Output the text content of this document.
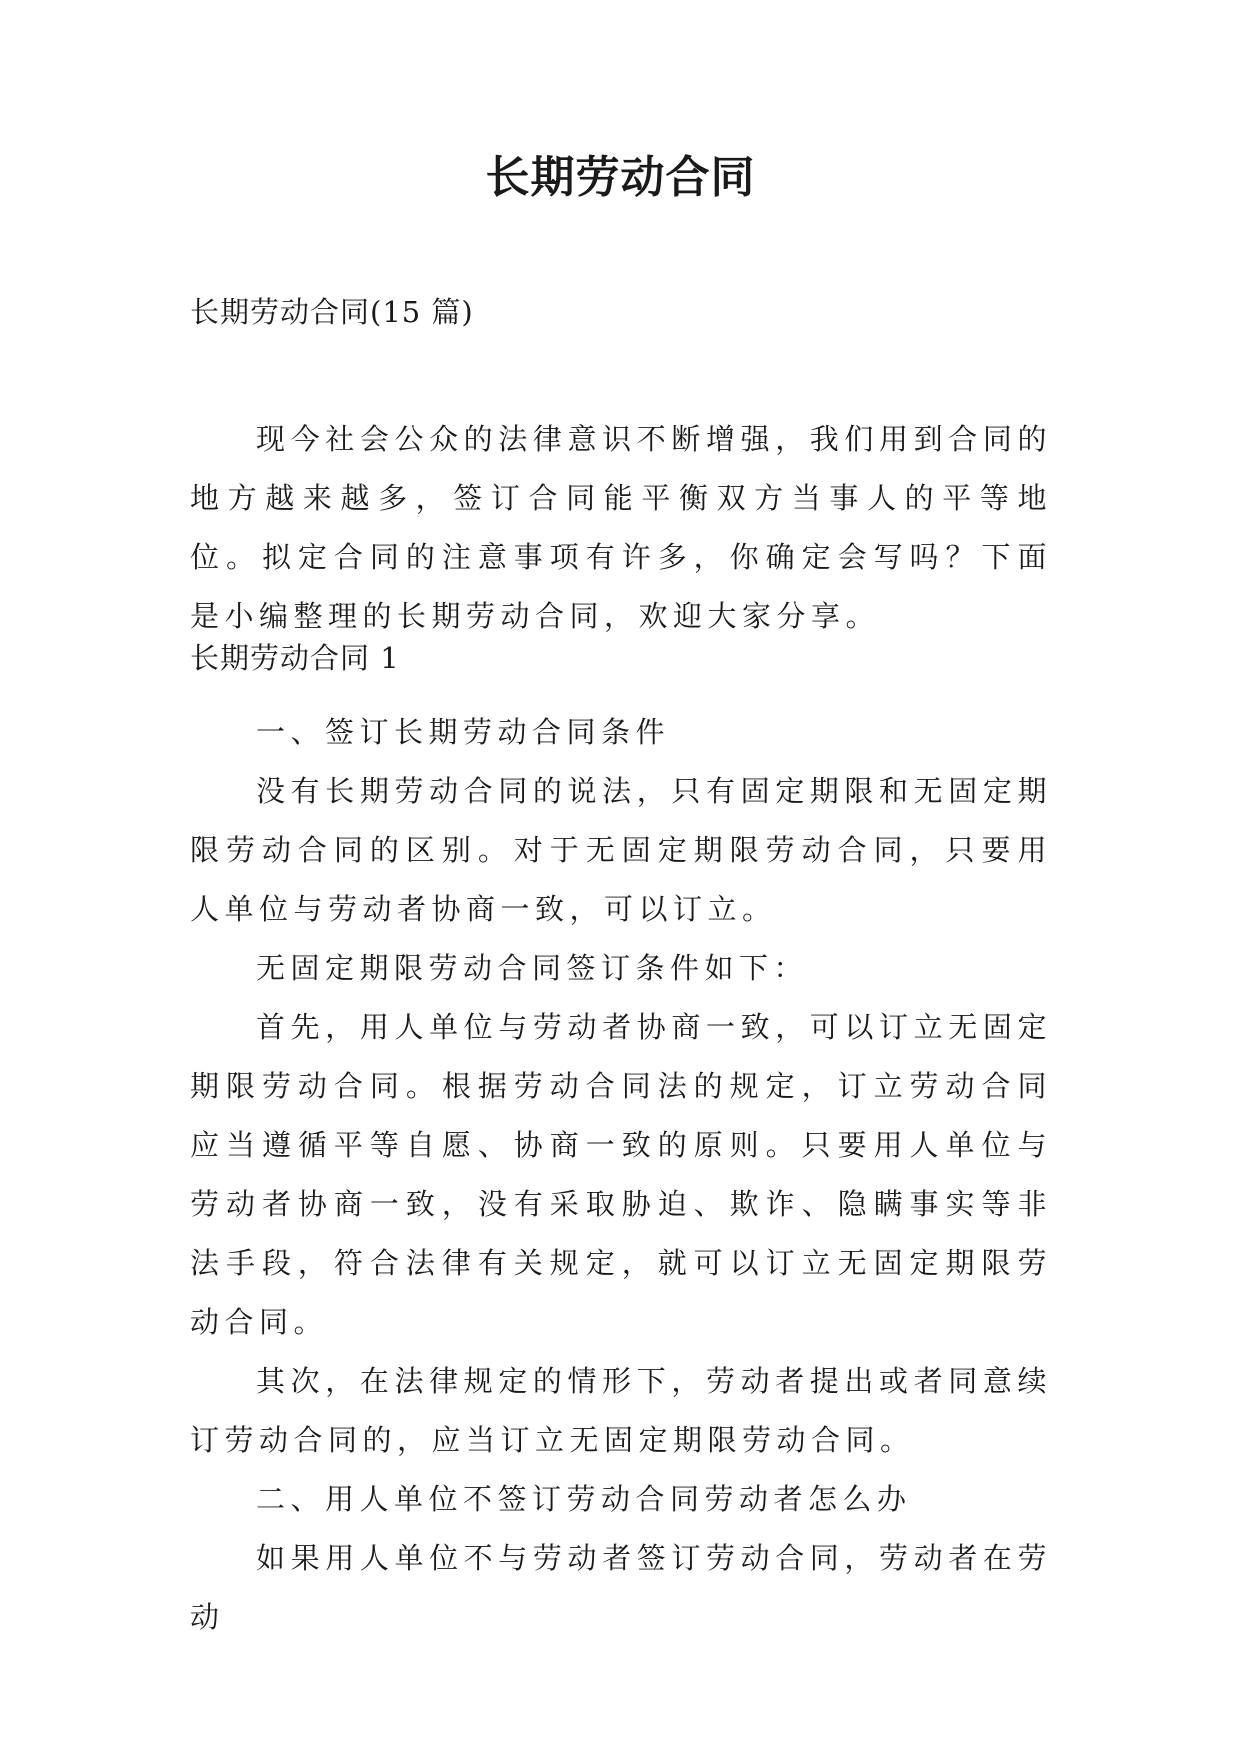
长期劳动合同
长期劳动合同(15 篇)

现今社会公众的法律意识不断增强，我们用到合同的地方越来越多，签订合同能平衡双方当事人的平等地位。拟定合同的注意事项有许多，你确定会写吗？下面是小编整理的长期劳动合同，欢迎大家分享。

长期劳动合同 1

一、签订长期劳动合同条件

没有长期劳动合同的说法，只有固定期限和无固定期限劳动合同的区别。对于无固定期限劳动合同，只要用人单位与劳动者协商一致，可以订立。

无固定期限劳动合同签订条件如下：

首先，用人单位与劳动者协商一致，可以订立无固定期限劳动合同。根据劳动合同法的规定，订立劳动合同应当遵循平等自愿、协商一致的原则。只要用人单位与劳动者协商一致，没有采取胁迫、欺诈、隐瞒事实等非法手段，符合法律有关规定，就可以订立无固定期限劳动合同。

其次，在法律规定的情形下，劳动者提出或者同意续订劳动合同的，应当订立无固定期限劳动合同。

二、用人单位不签订劳动合同劳动者怎么办

如果用人单位不与劳动者签订劳动合同，劳动者在劳动
